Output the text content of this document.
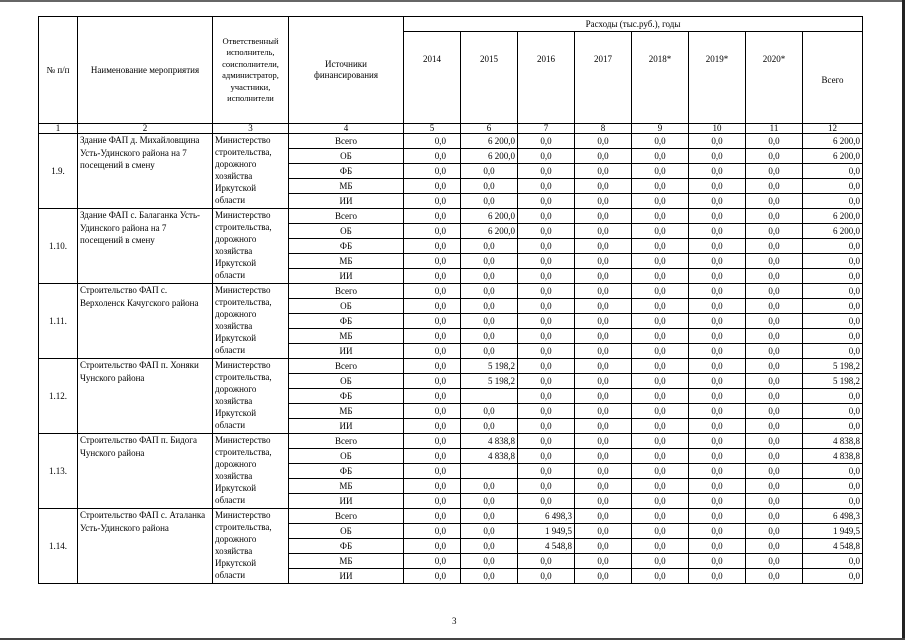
№ п/п	Наименование мероприятия	Ответственный исполнитель, соисполнители, администратор, участники, исполнители	Источники финансирования	Расходы (тыс.руб.), годы							
				2014	2015	2016	2017	2018*	2019*	2020*	Всего
1	2	3	4	5	6	7	8	9	10	11	12
1.9.	Здание ФАП д. Михайловщина Усть-Удинского района на 7 посещений в смену	Министерство строительства, дорожного хозяйства Иркутской области	Всего	0,0	6 200,0	0,0	0,0	0,0	0,0	0,0	6 200,0
			ОБ	0,0	6 200,0	0,0	0,0	0,0	0,0	0,0	6 200,0
			ФБ	0,0	0,0	0,0	0,0	0,0	0,0	0,0	0,0
			МБ	0,0	0,0	0,0	0,0	0,0	0,0	0,0	0,0
			ИИ	0,0	0,0	0,0	0,0	0,0	0,0	0,0	0,0
1.10.	Здание ФАП с. Балаганка Усть-Удинского района на 7 посещений в смену	Министерство строительства, дорожного хозяйства Иркутской области	Всего	0,0	6 200,0	0,0	0,0	0,0	0,0	0,0	6 200,0
			ОБ	0,0	6 200,0	0,0	0,0	0,0	0,0	0,0	6 200,0
			ФБ	0,0	0,0	0,0	0,0	0,0	0,0	0,0	0,0
			МБ	0,0	0,0	0,0	0,0	0,0	0,0	0,0	0,0
			ИИ	0,0	0,0	0,0	0,0	0,0	0,0	0,0	0,0
1.11.	Строительство ФАП с. Верхоленск Качугского района	Министерство строительства, дорожного хозяйства Иркутской области	Всего	0,0	0,0	0,0	0,0	0,0	0,0	0,0	0,0
			ОБ	0,0	0,0	0,0	0,0	0,0	0,0	0,0	0,0
			ФБ	0,0	0,0	0,0	0,0	0,0	0,0	0,0	0,0
			МБ	0,0	0,0	0,0	0,0	0,0	0,0	0,0	0,0
			ИИ	0,0	0,0	0,0	0,0	0,0	0,0	0,0	0,0
1.12.	Строительство ФАП п. Хоняки Чунского района	Министерство строительства, дорожного хозяйства Иркутской области	Всего	0,0	5 198,2	0,0	0,0	0,0	0,0	0,0	5 198,2
			ОБ	0,0	5 198,2	0,0	0,0	0,0	0,0	0,0	5 198,2
			ФБ	0,0		0,0	0,0	0,0	0,0	0,0	0,0
			МБ	0,0	0,0	0,0	0,0	0,0	0,0	0,0	0,0
			ИИ	0,0	0,0	0,0	0,0	0,0	0,0	0,0	0,0
1.13.	Строительство ФАП п. Бидога Чунского района	Министерство строительства, дорожного хозяйства Иркутской области	Всего	0,0	4 838,8	0,0	0,0	0,0	0,0	0,0	4 838,8
			ОБ	0,0	4 838,8	0,0	0,0	0,0	0,0	0,0	4 838,8
			ФБ	0,0		0,0	0,0	0,0	0,0	0,0	0,0
			МБ	0,0	0,0	0,0	0,0	0,0	0,0	0,0	0,0
			ИИ	0,0	0,0	0,0	0,0	0,0	0,0	0,0	0,0
1.14.	Строительство ФАП с. Аталанка Усть-Удинского района	Министерство строительства, дорожного хозяйства Иркутской области	Всего	0,0	0,0	6 498,3	0,0	0,0	0,0	0,0	6 498,3
			ОБ	0,0	0,0	1 949,5	0,0	0,0	0,0	0,0	1 949,5
			ФБ	0,0	0,0	4 548,8	0,0	0,0	0,0	0,0	4 548,8
			МБ	0,0	0,0	0,0	0,0	0,0	0,0	0,0	0,0
			ИИ	0,0	0,0	0,0	0,0	0,0	0,0	0,0	0,0
3
